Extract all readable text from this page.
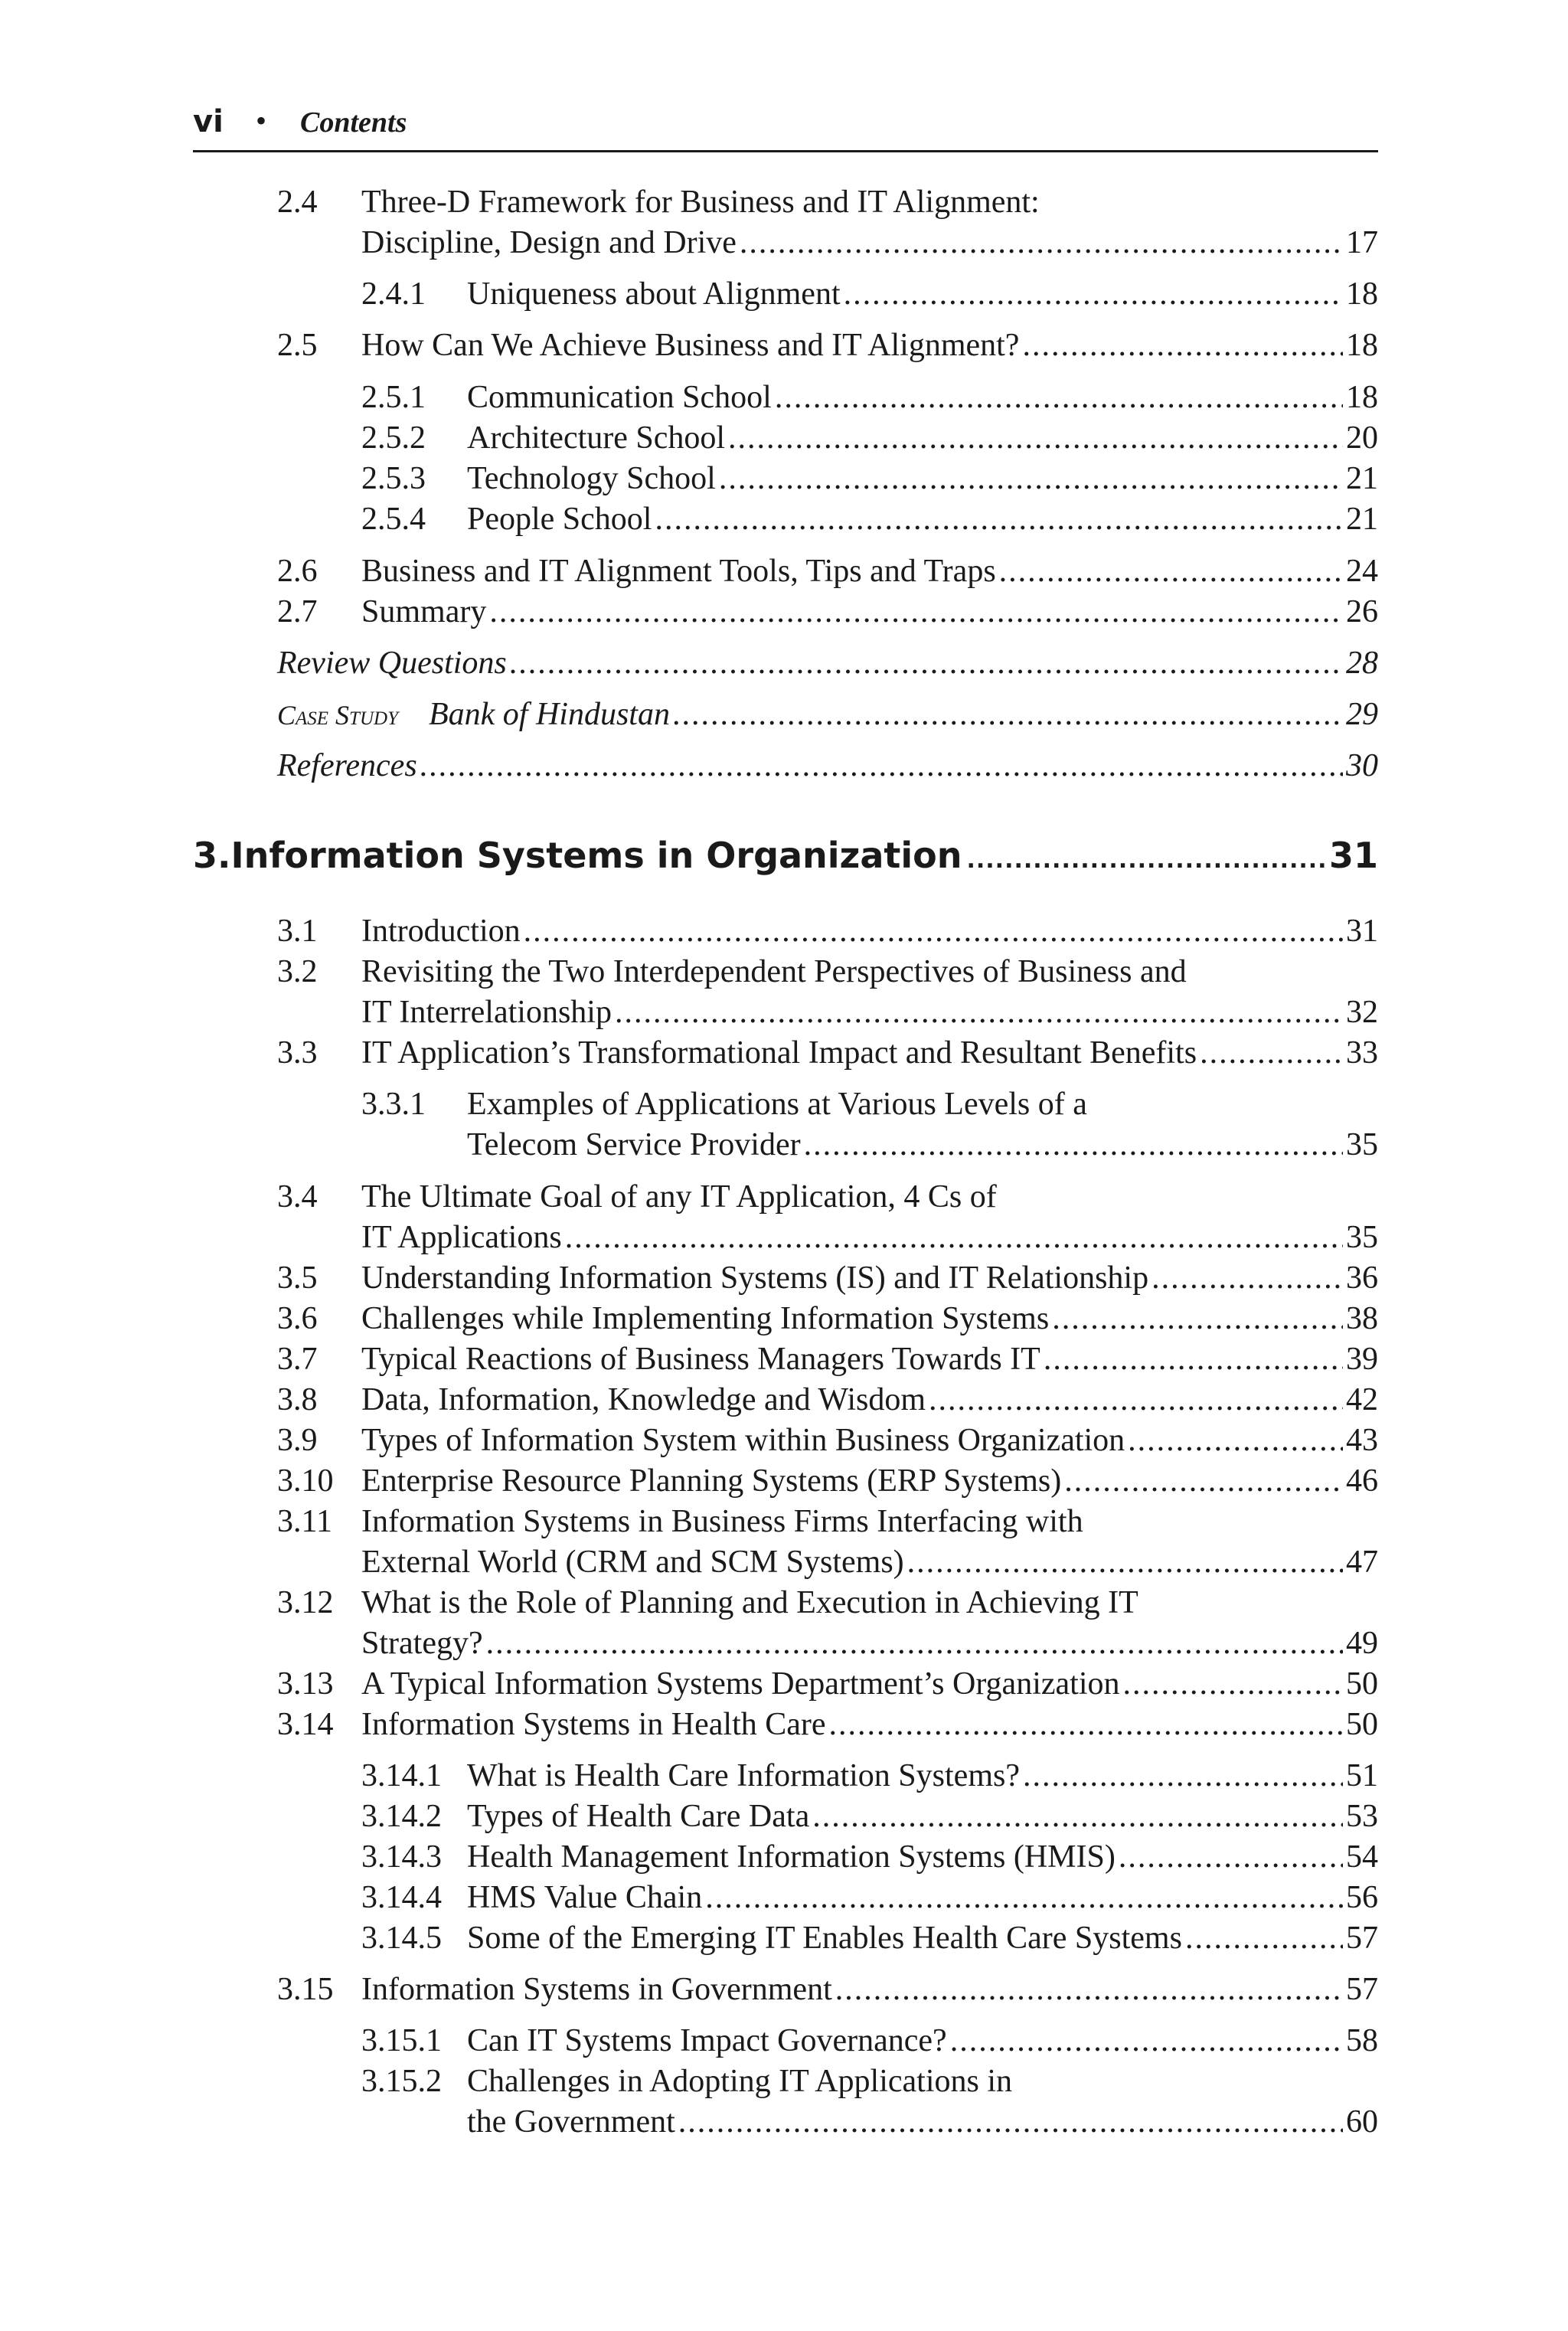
vi • Contents
2.4 Three-D Framework for Business and IT Alignment:
Discipline, Design and Drive .....	17
2.4.1 Uniqueness about Alignment .....	18
2.5 How Can We Achieve Business and IT Alignment? .....	18
2.5.1 Communication School .....	18
2.5.2 Architecture School .....	20
2.5.3 Technology School .....	21
2.5.4 People School .....	21
2.6 Business and IT Alignment Tools, Tips and Traps .....	24
2.7 Summary .....	26
Review Questions .....	28
Case Study Bank of Hindustan .....	29
References .....	30
3. Information Systems in Organization .....	31
3.1 Introduction .....	31
3.2 Revisiting the Two Interdependent Perspectives of Business and
IT Interrelationship .....	32
3.3 IT Application’s Transformational Impact and Resultant Benefits .....	33
3.3.1 Examples of Applications at Various Levels of a
Telecom Service Provider .....	35
3.4 The Ultimate Goal of any IT Application, 4 Cs of
IT Applications .....	35
3.5 Understanding Information Systems (IS) and IT Relationship .....	36
3.6 Challenges while Implementing Information Systems .....	38
3.7 Typical Reactions of Business Managers Towards IT .....	39
3.8 Data, Information, Knowledge and Wisdom .....	42
3.9 Types of Information System within Business Organization .....	43
3.10 Enterprise Resource Planning Systems (ERP Systems) .....	46
3.11 Information Systems in Business Firms Interfacing with
External World (CRM and SCM Systems) .....	47
3.12 What is the Role of Planning and Execution in Achieving IT
Strategy? .....	49
3.13 A Typical Information Systems Department’s Organization .....	50
3.14 Information Systems in Health Care .....	50
3.14.1 What is Health Care Information Systems? .....	51
3.14.2 Types of Health Care Data .....	53
3.14.3 Health Management Information Systems (HMIS) .....	54
3.14.4 HMS Value Chain .....	56
3.14.5 Some of the Emerging IT Enables Health Care Systems .....	57
3.15 Information Systems in Government .....	57
3.15.1 Can IT Systems Impact Governance? .....	58
3.15.2 Challenges in Adopting IT Applications in
the Government .....	60
